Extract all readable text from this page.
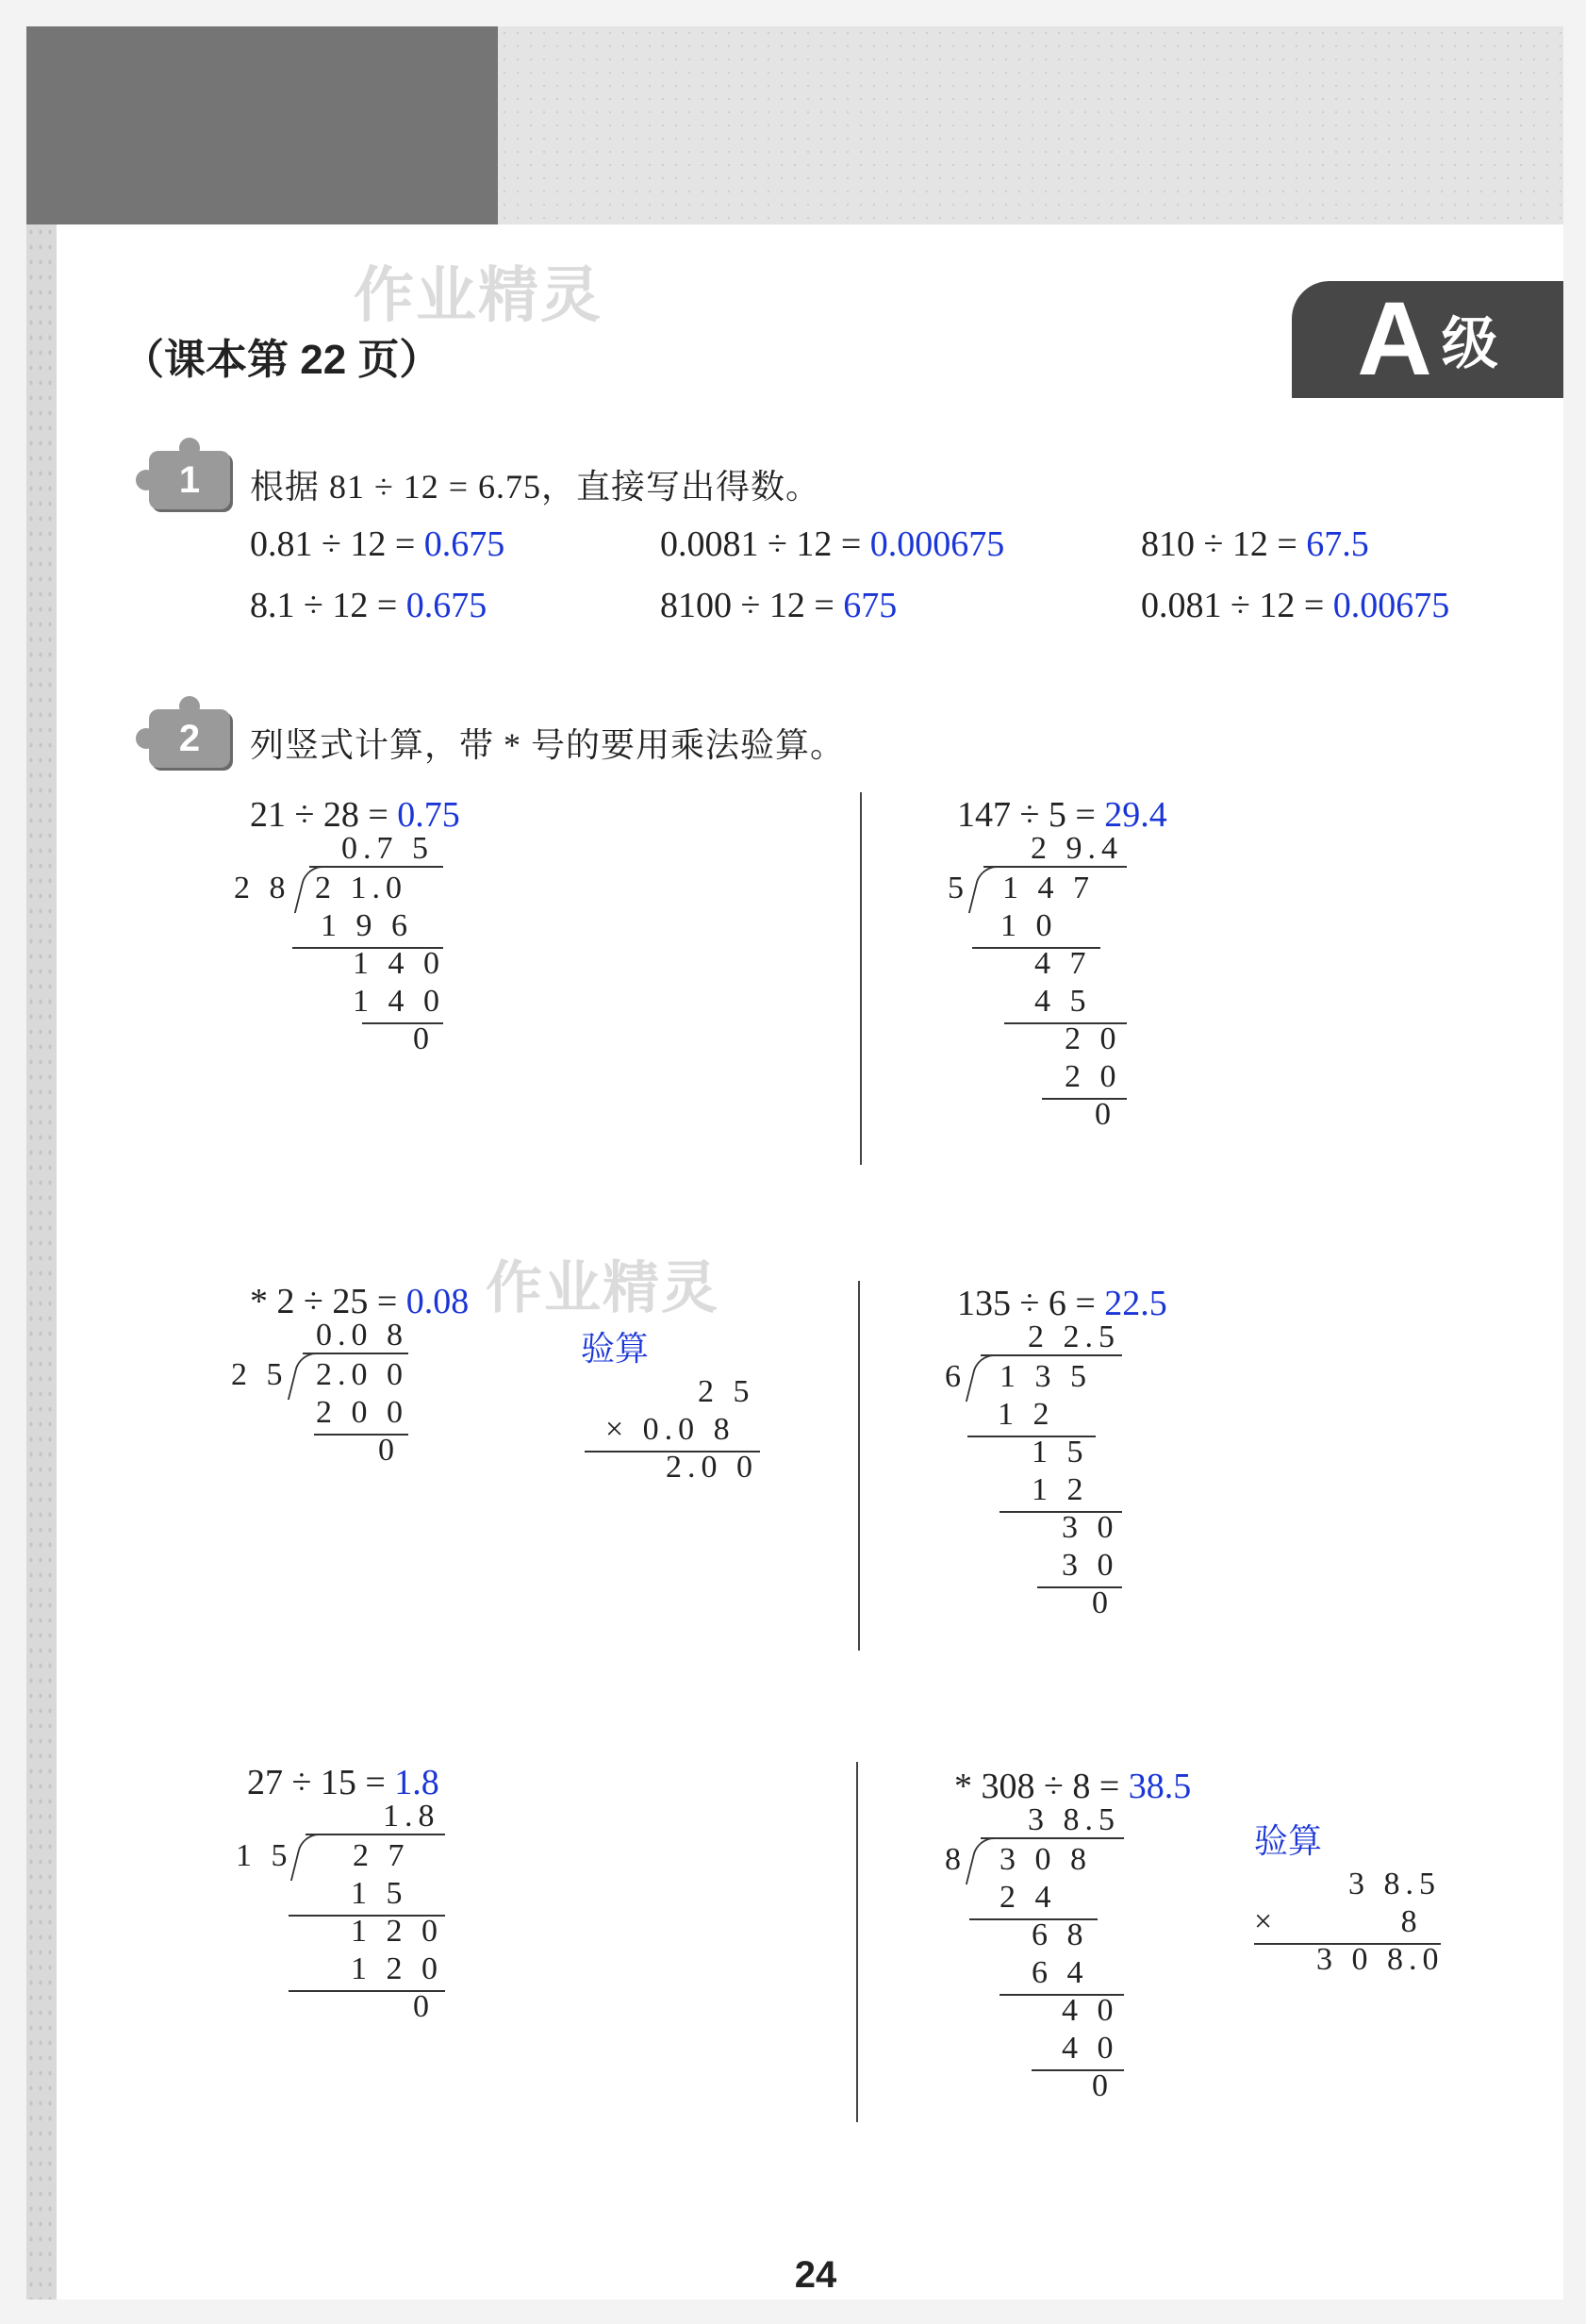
作业精灵
作业精灵
（课本第 22 页）	A 级
1 根据 81 ÷ 12 = 6.75，直接写出得数。
0.81 ÷ 12 = 0.675	0.0081 ÷ 12 = 0.000675	810 ÷ 12 = 67.5
8.1 ÷ 12 = 0.675	8100 ÷ 12 = 675	0.081 ÷ 12 = 0.00675
2 列竖式计算，带 * 号的要用乘法验算。
21 ÷ 28 = 0.75
0.7 5
2 8 2 1.0
1 9 6
1 4 0
1 4 0
0
147 ÷ 5 = 29.4
2 9.4
5 1 4 7
1 0
4 7
4 5
2 0
2 0
0
* 2 ÷ 25 = 0.08
0.0 8
2 5 2.0 0
2 0 0
0
验算
2 5
× 0.0 8
2.0 0
135 ÷ 6 = 22.5
2 2.5
6 1 3 5
1 2
1 5
1 2
3 0
3 0
0
27 ÷ 15 = 1.8
1.8
1 5 2 7
1 5
1 2 0
1 2 0
0
* 308 ÷ 8 = 38.5
3 8.5
8 3 0 8
2 4
6 8
6 4
4 0
4 0
0
验算
3 8.5
×         8
3 0 8.0
24
